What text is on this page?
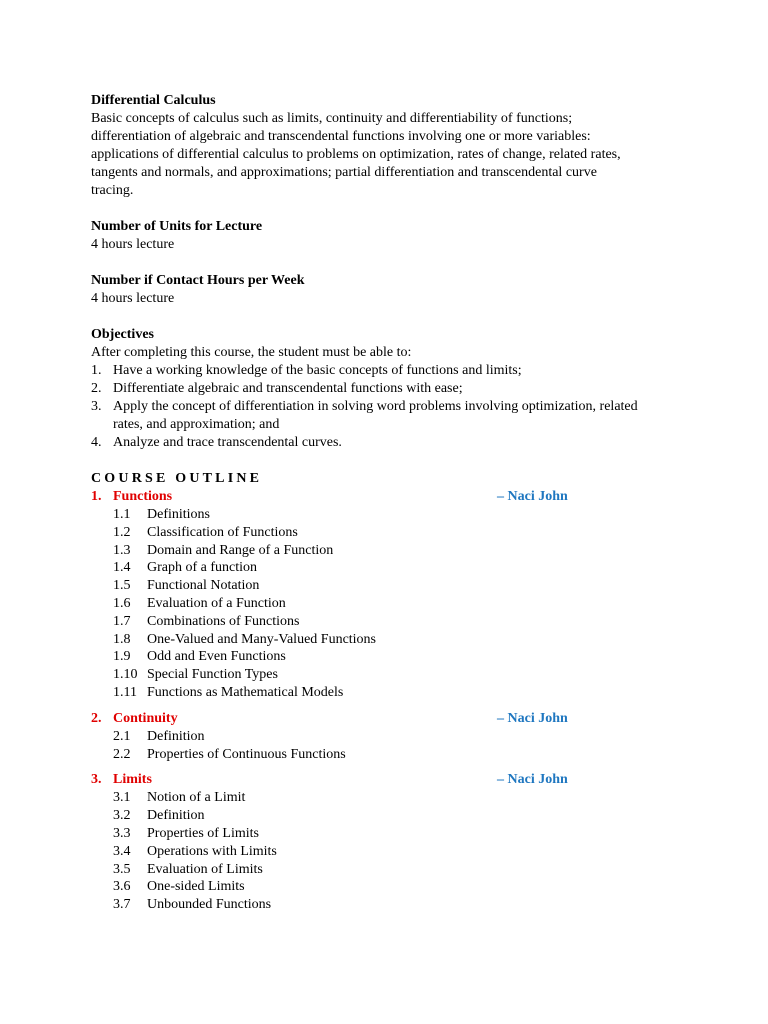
Differential Calculus
Basic concepts of calculus such as limits, continuity and differentiability of functions;
differentiation of algebraic and transcendental functions involving one or more variables:
applications of differential calculus to problems on optimization, rates of change, related rates,
tangents and normals, and approximations; partial differentiation and transcendental curve
tracing.
Number of Units for Lecture
4 hours lecture
Number if Contact Hours per Week
4 hours lecture
Objectives
After completing this course, the student must be able to:
1. Have a working knowledge of the basic concepts of functions and limits;
2. Differentiate algebraic and transcendental functions with ease;
3. Apply the concept of differentiation in solving word problems involving optimization, related
rates, and approximation; and
4. Analyze and trace transcendental curves.
COURSE OUTLINE
1. Functions	– Naci John
1.1 Definitions
1.2 Classification of Functions
1.3 Domain and Range of a Function
1.4 Graph of a function
1.5 Functional Notation
1.6 Evaluation of a Function
1.7 Combinations of Functions
1.8 One-Valued and Many-Valued Functions
1.9 Odd and Even Functions
1.10 Special Function Types
1.11 Functions as Mathematical Models
2. Continuity	– Naci John
2.1 Definition
2.2 Properties of Continuous Functions
3. Limits	– Naci John
3.1 Notion of a Limit
3.2 Definition
3.3 Properties of Limits
3.4 Operations with Limits
3.5 Evaluation of Limits
3.6 One-sided Limits
3.7 Unbounded Functions
